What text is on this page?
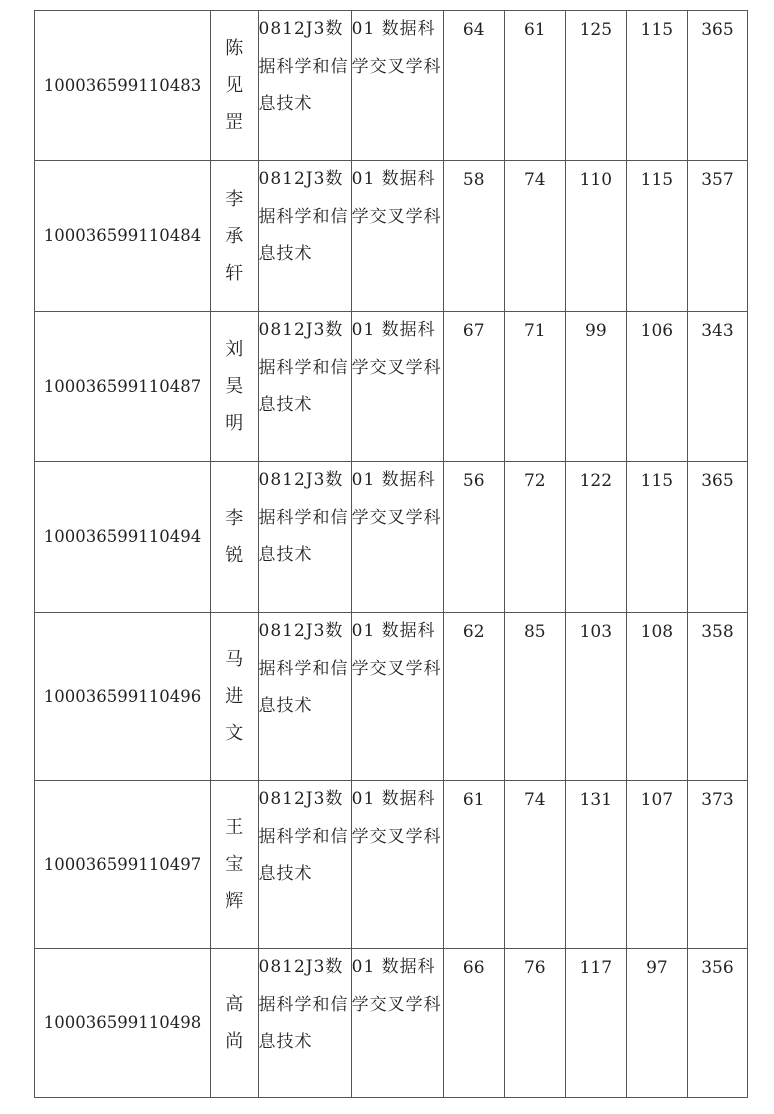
100036599110483	陈见罡	0812J3数据科学和信息技术	01 数据科学交叉学科	64	61	125	115	365

100036599110484	李承轩	0812J3数据科学和信息技术	01 数据科学交叉学科	58	74	110	115	357

100036599110487	刘昊明	0812J3数据科学和信息技术	01 数据科学交叉学科	67	71	99	106	343

100036599110494	李锐	0812J3数据科学和信息技术	01 数据科学交叉学科	56	72	122	115	365

100036599110496	马进文	0812J3数据科学和信息技术	01 数据科学交叉学科	62	85	103	108	358

100036599110497	王宝辉	0812J3数据科学和信息技术	01 数据科学交叉学科	61	74	131	107	373

100036599110498	高尚	0812J3数据科学和信息技术	01 数据科学交叉学科	66	76	117	97	356
